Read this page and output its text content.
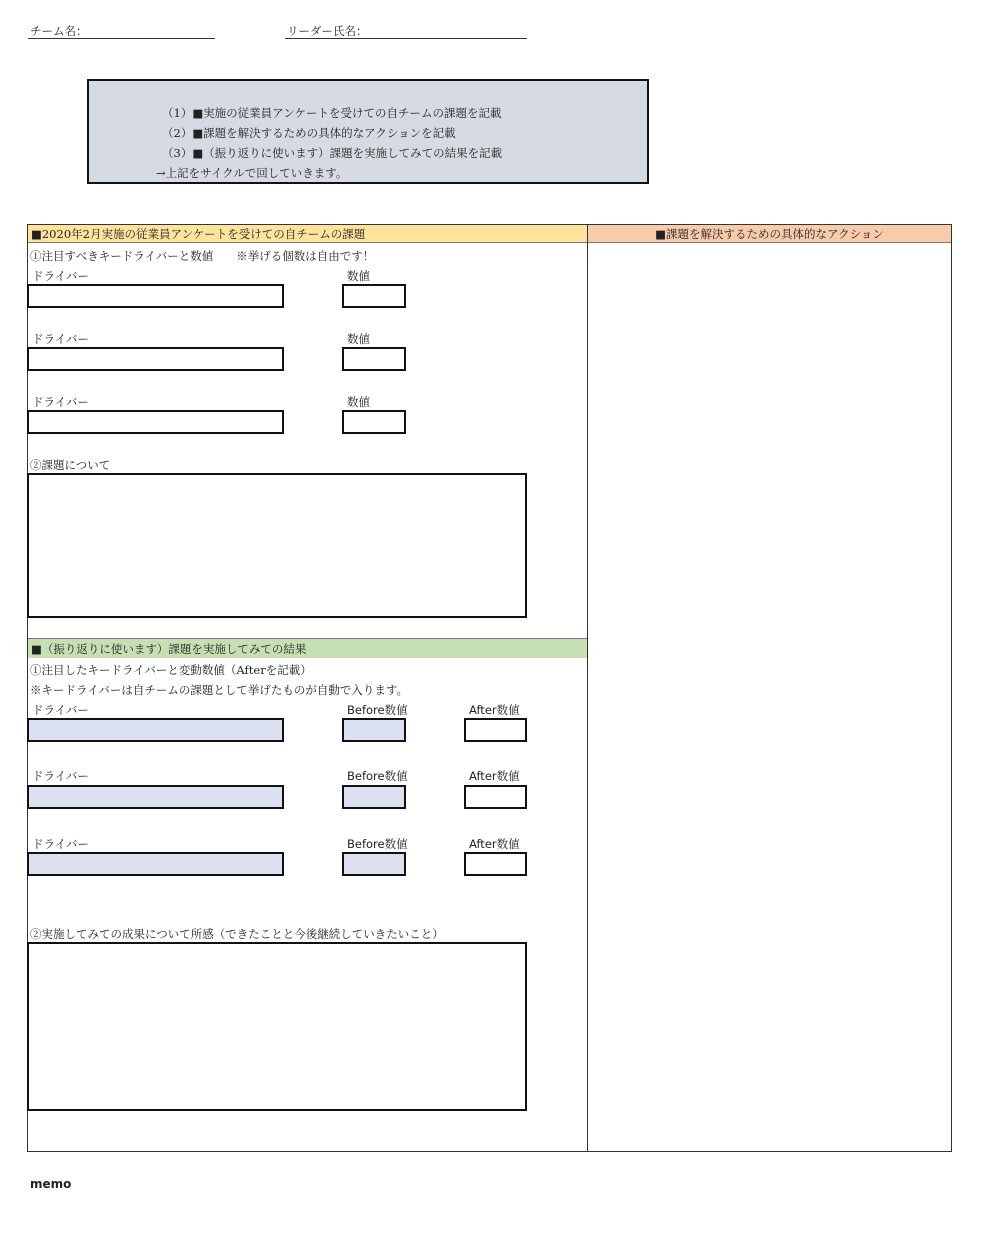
チーム名：	リーダー氏名：
（1）■実施の従業員アンケートを受けての自チームの課題を記載
（2）■課題を解決するための具体的なアクションを記載
（3）■（振り返りに使います）課題を実施してみての結果を記載
→上記をサイクルで回していきます。
■2020年2月実施の従業員アンケートを受けての自チームの課題	■課題を解決するための具体的なアクション
①注目すべきキードライバーと数値　　※挙げる個数は自由です！
ドライバー	数値
ドライバー	数値
ドライバー	数値
②課題について
■（振り返りに使います）課題を実施してみての結果
①注目したキードライバーと変動数値（Afterを記載）
※キードライバーは自チームの課題として挙げたものが自動で入ります。
ドライバー	Before数値	After数値
ドライバー	Before数値	After数値
ドライバー	Before数値	After数値
②実施してみての成果について所感（できたことと今後継続していきたいこと）
memo
